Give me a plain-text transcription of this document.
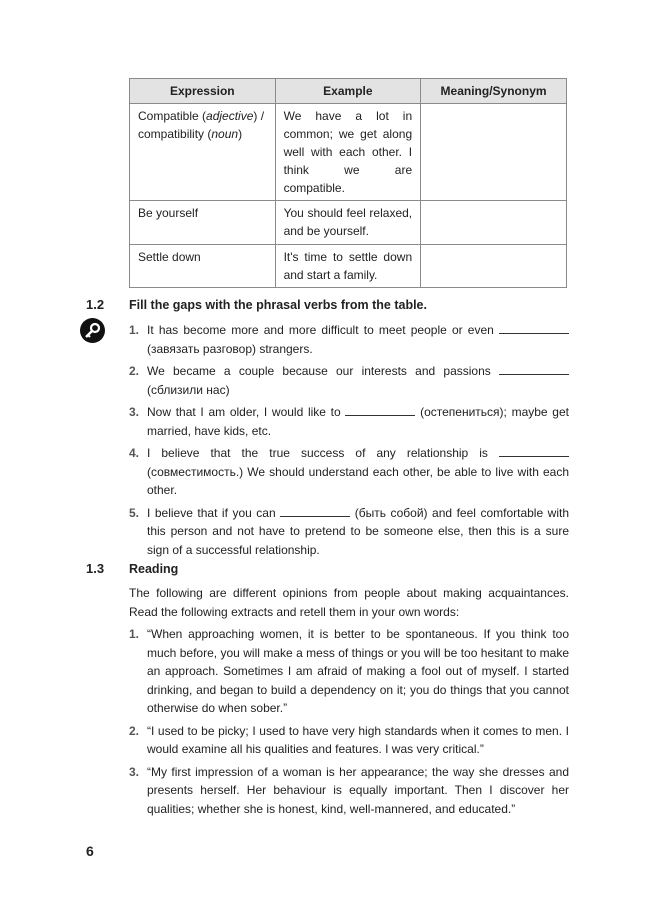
Expression	Example	Meaning/Synonym
Compatible (adjective) / compatibility (noun)	We have a lot in common; we get along well with each other. I think we are compatible.	
Be yourself	You should feel relaxed, and be yourself.	
Settle down	It's time to settle down and start a family.	
1.2 Fill the gaps with the phrasal verbs from the table.
1. It has become more and more difficult to meet people or even  (завязать разговор) strangers.
2. We became a couple because our interests and passions  (сблизили нас)
3. Now that I am older, I would like to	(остепениться); maybe get married, have kids, etc.
4. I believe that the true success of any relationship is  (совместимость.) We should understand each other, be able to live with each other.
5. I believe that if you can	(быть собой) and feel comfortable with this person and not have to pretend to be someone else, then this is a sure sign of a successful relationship.
1.3 Reading
The following are different opinions from people about making acquaintances. Read the following extracts and retell them in your own words:
1. “When approaching women, it is better to be spontaneous. If you think too much before, you will make a mess of things or you will be too hesitant to make an approach. Sometimes I am afraid of making a fool out of myself. I started drinking, and began to build a dependency on it; you do things that you cannot otherwise do when sober.”
2. “I used to be picky; I used to have very high standards when it comes to men. I would examine all his qualities and features. I was very critical.”
3. “My first impression of a woman is her appearance; the way she dresses and presents herself. Her behaviour is equally important. Then I discover her qualities; whether she is honest, kind, well-mannered, and educated.”
6
